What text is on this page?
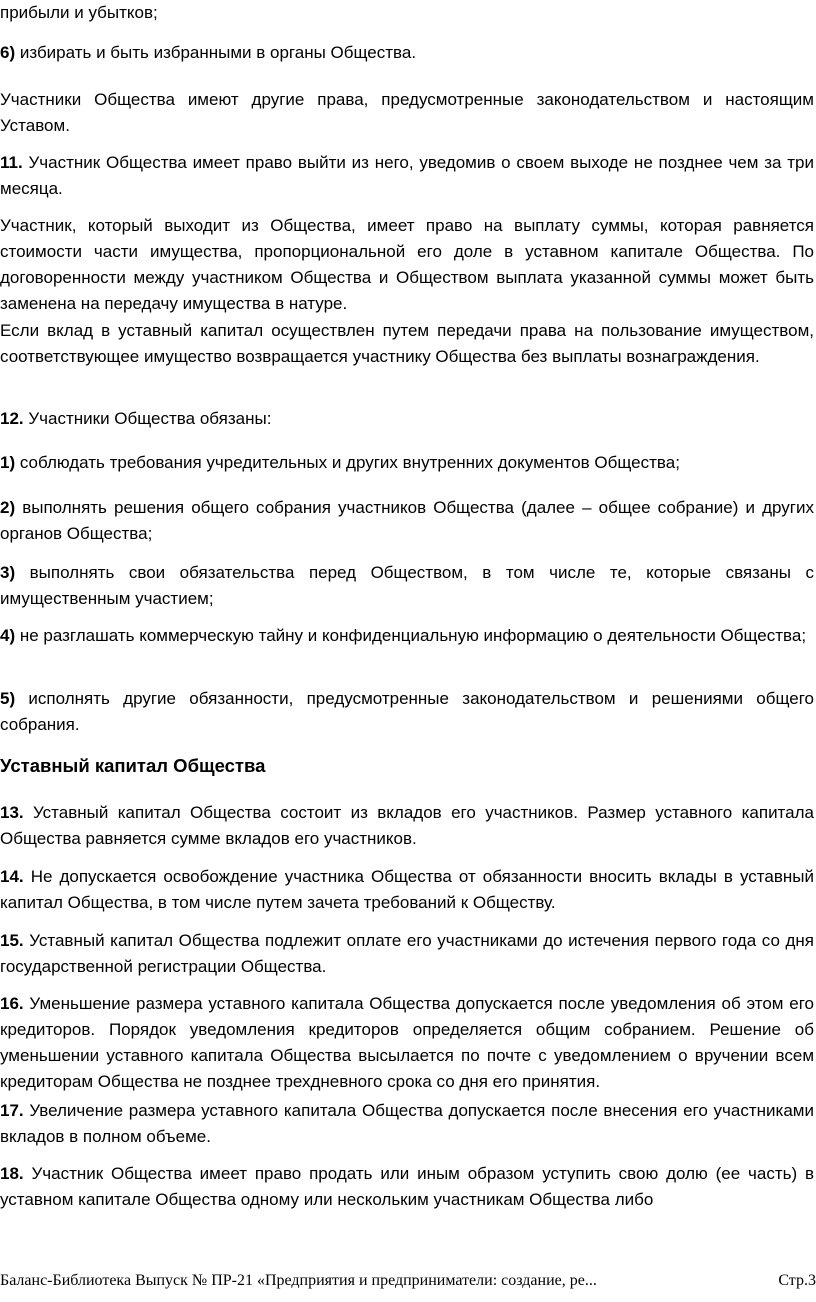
прибыли и убытков;

6) избирать и быть избранными в органы Общества.

Участники Общества имеют другие права, предусмотренные законодательством и настоящим Уставом.

11. Участник Общества имеет право выйти из него, уведомив о своем выходе не позднее чем за три месяца.

Участник, который выходит из Общества, имеет право на выплату суммы, которая равняется стоимости части имущества, пропорциональной его доле в уставном капитале Общества. По договоренности между участником Общества и Обществом выплата указанной суммы может быть заменена на передачу имущества в натуре.

Если вклад в уставный капитал осуществлен путем передачи права на пользование имуществом, соответствующее имущество возвращается участнику Общества без выплаты вознаграждения.

12. Участники Общества обязаны:

1) соблюдать требования учредительных и других внутренних документов Общества;

2) выполнять решения общего собрания участников Общества (далее – общее собрание) и других органов Общества;

3) выполнять свои обязательства перед Обществом, в том числе те, которые связаны с имущественным участием;

4) не разглашать коммерческую тайну и конфиденциальную информацию о деятельности Общества;

5) исполнять другие обязанности, предусмотренные законодательством и решениями общего собрания.

Уставный капитал Общества

13. Уставный капитал Общества состоит из вкладов его участников. Размер уставного капитала Общества равняется сумме вкладов его участников.

14. Не допускается освобождение участника Общества от обязанности вносить вклады в уставный капитал Общества, в том числе путем зачета требований к Обществу.

15. Уставный капитал Общества подлежит оплате его участниками до истечения первого года со дня государственной регистрации Общества.

16. Уменьшение размера уставного капитала Общества допускается после уведомления об этом его кредиторов. Порядок уведомления кредиторов определяется общим собранием. Решение об уменьшении уставного капитала Общества высылается по почте с уведомлением о вручении всем кредиторам Общества не позднее трехдневного срока со дня его принятия.

17. Увеличение размера уставного капитала Общества допускается после внесения его участниками вкладов в полном объеме.

18. Участник Общества имеет право продать или иным образом уступить свою долю (ее часть) в уставном капитале Общества одному или нескольким участникам Общества либо

Баланс-Библиотека Выпуск № ПР-21 «Предприятия и предприниматели: создание, ре...	Стр.3
